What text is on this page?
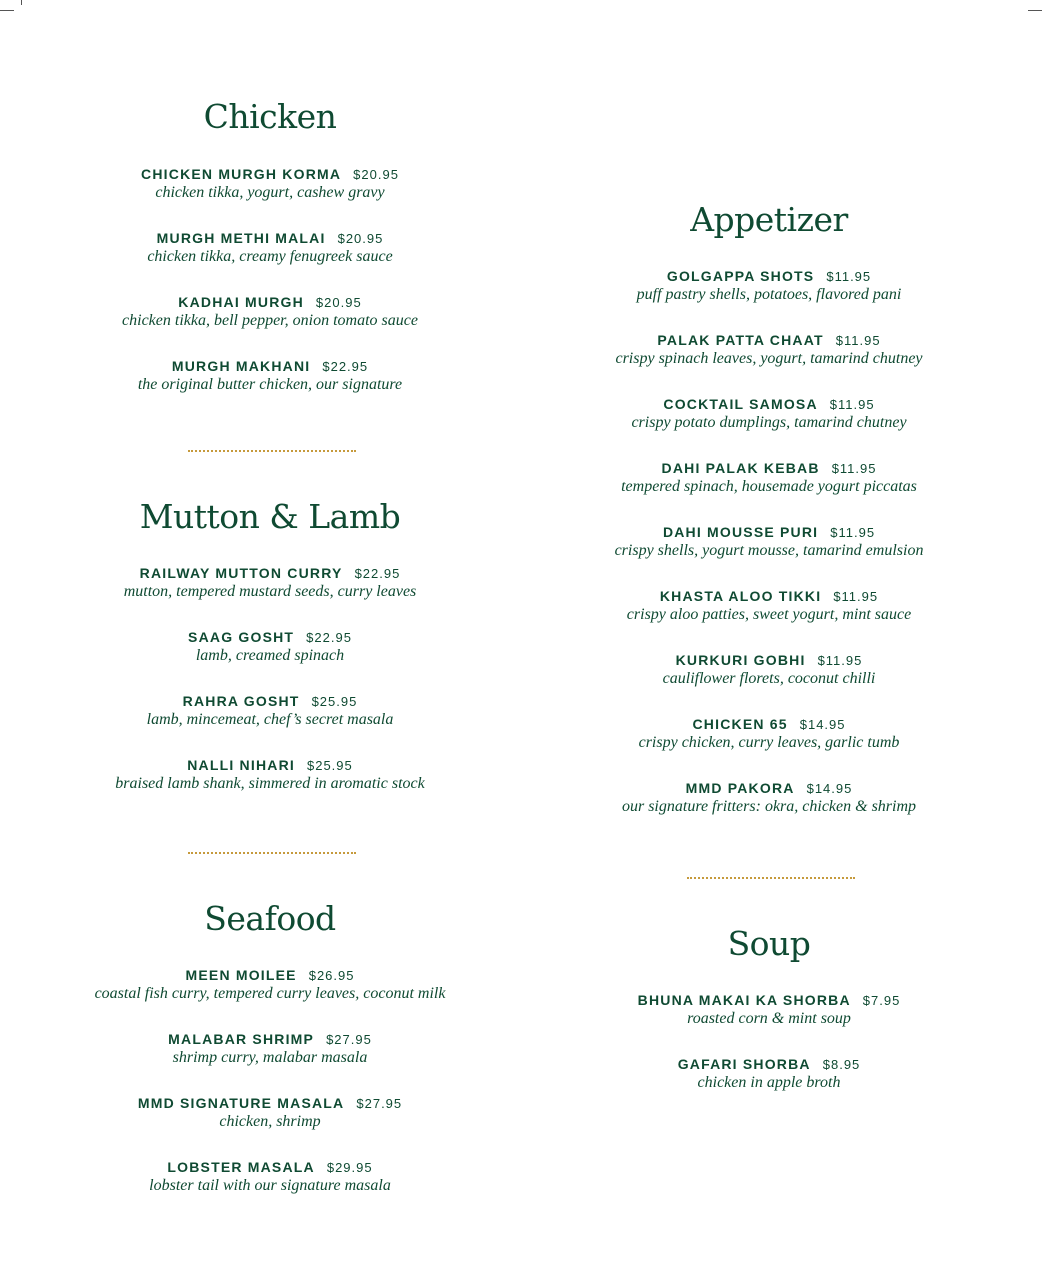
Chicken
CHICKEN MURGH KORMA $20.95
chicken tikka, yogurt, cashew gravy
MURGH METHI MALAI $20.95
chicken tikka, creamy fenugreek sauce
KADHAI MURGH $20.95
chicken tikka, bell pepper, onion tomato sauce
MURGH MAKHANI $22.95
the original butter chicken, our signature
Mutton & Lamb
RAILWAY MUTTON CURRY $22.95
mutton, tempered mustard seeds, curry leaves
SAAG GOSHT $22.95
lamb, creamed spinach
RAHRA GOSHT $25.95
lamb, mincemeat, chef’s secret masala
NALLI NIHARI $25.95
braised lamb shank, simmered in aromatic stock
Seafood
MEEN MOILEE $26.95
coastal fish curry, tempered curry leaves, coconut milk
MALABAR SHRIMP $27.95
shrimp curry, malabar masala
MMD SIGNATURE MASALA $27.95
chicken, shrimp
LOBSTER MASALA $29.95
lobster tail with our signature masala
Appetizer
GOLGAPPA SHOTS $11.95
puff pastry shells, potatoes, flavored pani
PALAK PATTA CHAAT $11.95
crispy spinach leaves, yogurt, tamarind chutney
COCKTAIL SAMOSA $11.95
crispy potato dumplings, tamarind chutney
DAHI PALAK KEBAB $11.95
tempered spinach, housemade yogurt piccatas
DAHI MOUSSE PURI $11.95
crispy shells, yogurt mousse, tamarind emulsion
KHASTA ALOO TIKKI $11.95
crispy aloo patties, sweet yogurt, mint sauce
KURKURI GOBHI $11.95
cauliflower florets, coconut chilli
CHICKEN 65 $14.95
crispy chicken, curry leaves, garlic tumb
MMD PAKORA $14.95
our signature fritters: okra, chicken & shrimp
Soup
BHUNA MAKAI KA SHORBA $7.95
roasted corn & mint soup
GAFARI SHORBA $8.95
chicken in apple broth
